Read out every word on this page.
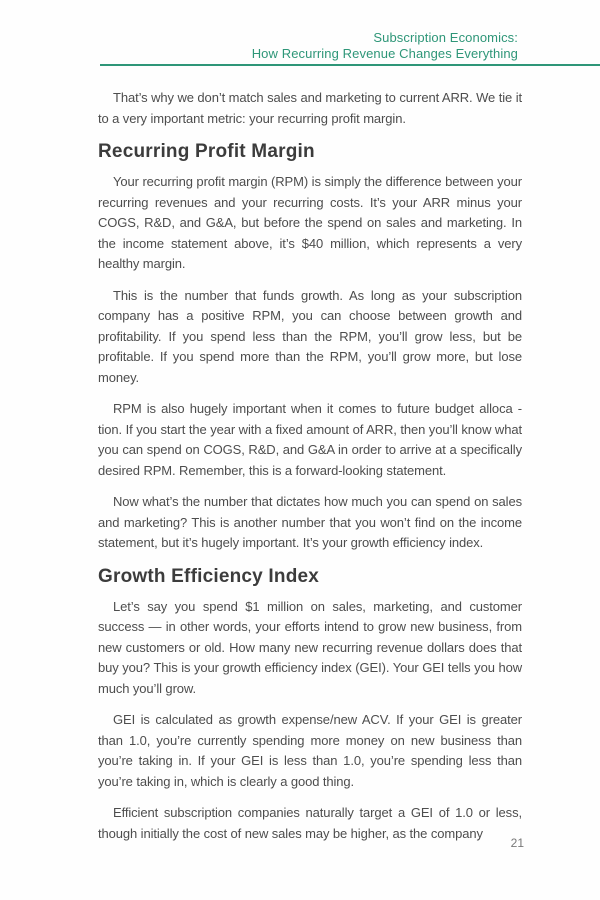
Subscription Economics:
How Recurring Revenue Changes Everything

That’s why we don’t match sales and marketing to current ARR. We tie it to a very important metric: your recurring profit margin.

Recurring Profit Margin

Your recurring profit margin (RPM) is simply the difference between your recurring revenues and your recurring costs. It’s your ARR minus your COGS, R&D, and G&A, but before the spend on sales and marketing. In the income statement above, it’s $40 million, which represents a very healthy margin.

This is the number that funds growth. As long as your subscription company has a positive RPM, you can choose between growth and profitability. If you spend less than the RPM, you’ll grow less, but be profitable. If you spend more than the RPM, you’ll grow more, but lose money.

RPM is also hugely important when it comes to future budget alloca - tion. If you start the year with a fixed amount of ARR, then you’ll know what you can spend on COGS, R&D, and G&A in order to arrive at a specifically desired RPM. Remember, this is a forward-looking statement.

Now what’s the number that dictates how much you can spend on sales and marketing? This is another number that you won’t find on the income statement, but it’s hugely important. It’s your growth efficiency index.

Growth Efficiency Index

Let’s say you spend $1 million on sales, marketing, and customer success — in other words, your efforts intend to grow new business, from new customers or old. How many new recurring revenue dollars does that buy you? This is your growth efficiency index (GEI). Your GEI tells you how much you’ll grow.

GEI is calculated as growth expense/new ACV. If your GEI is greater than 1.0, you’re currently spending more money on new business than you’re taking in. If your GEI is less than 1.0, you’re spending less than you’re taking in, which is clearly a good thing.

Efficient subscription companies naturally target a GEI of 1.0 or less, though initially the cost of new sales may be higher, as the company

21
